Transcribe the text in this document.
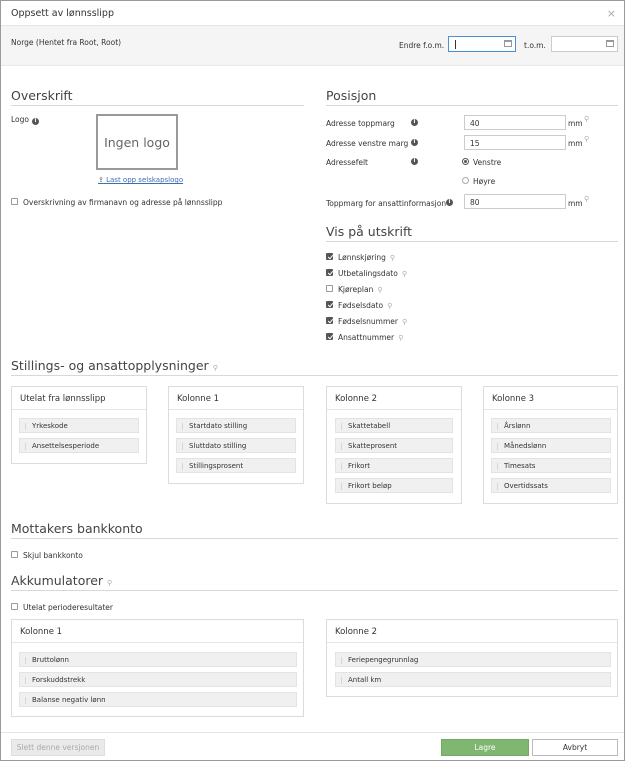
Oppsett av lønnsslipp	×
Norge (Hentet fra Root, Root)	Endre f.o.m.	t.o.m.
Overskrift
Logo i
Ingen logo
⇪ Last opp selskapslogo
Overskrivning av firmanavn og adresse på lønnsslipp
Posisjon
Adresse toppmarg	i	40	mm ⚲
Adresse venstre marg i	15	mm ⚲
Adressefelt	i	Venstre
Høyre
Toppmarg for ansattinformasjon i	80	mm ⚲
Vis på utskrift
Lønnskjøring ⚲
Utbetalingsdato ⚲
Kjøreplan ⚲
Fødselsdato ⚲
Fødselsnummer ⚲
Ansattnummer ⚲
Stillings- og ansattopplysninger ⚲
Utelat fra lønnsslipp
Yrkeskode
Ansettelsesperiode
Kolonne 1
Startdato stilling
Sluttdato stilling
Stillingsprosent
Kolonne 2
Skattetabell
Skatteprosent
Frikort
Frikort beløp
Kolonne 3
Årslønn
Månedslønn
Timesats
Overtidssats
Mottakers bankkonto
Skjul bankkonto
Akkumulatorer ⚲
Utelat perioderesultater
Kolonne 1
Bruttolønn
Forskuddstrekk
Balanse negativ lønn
Kolonne 2
Feriepengegrunnlag
Antall km
Slett denne versjonen	Lagre	Avbryt
